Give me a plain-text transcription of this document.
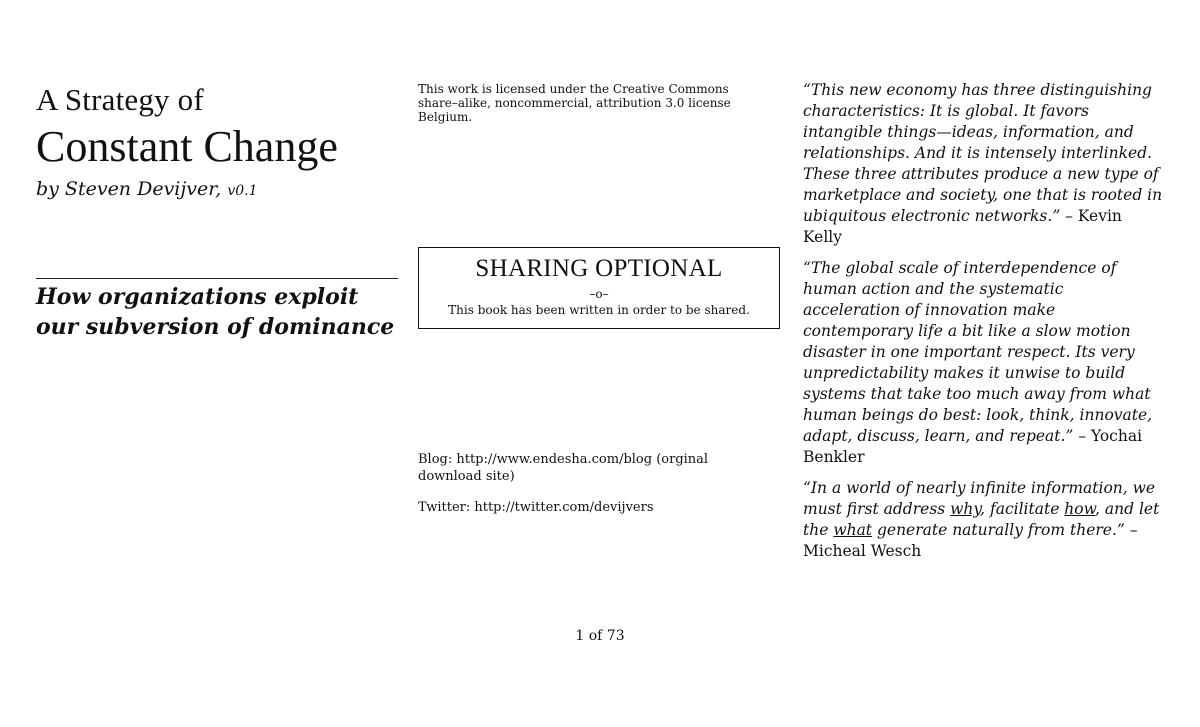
A Strategy of
Constant Change
by Steven Devijver, v0.1
How organizations exploit
our subversion of dominance
This work is licensed under the Creative Commons share–alike, noncommercial, attribution 3.0 license Belgium.
SHARING OPTIONAL
–o–
This book has been written in order to be shared.
Blog: http://www.endesha.com/blog (orginal download site)
Twitter: http://twitter.com/devijvers

“This new economy has three distinguishing characteristics: It is global. It favors intangible things—ideas, information, and relationships. And it is intensely interlinked. These three attributes produce a new type of marketplace and society, one that is rooted in ubiquitous electronic networks.” – Kevin Kelly

“The global scale of interdependence of human action and the systematic acceleration of innovation make contemporary life a bit like a slow motion disaster in one important respect. Its very unpredictability makes it unwise to build systems that take too much away from what human beings do best: look, think, innovate, adapt, discuss, learn, and repeat.” – Yochai Benkler

“In a world of nearly infinite information, we must first address why, facilitate how, and let the what generate naturally from there.” – Micheal Wesch

1 of 73
